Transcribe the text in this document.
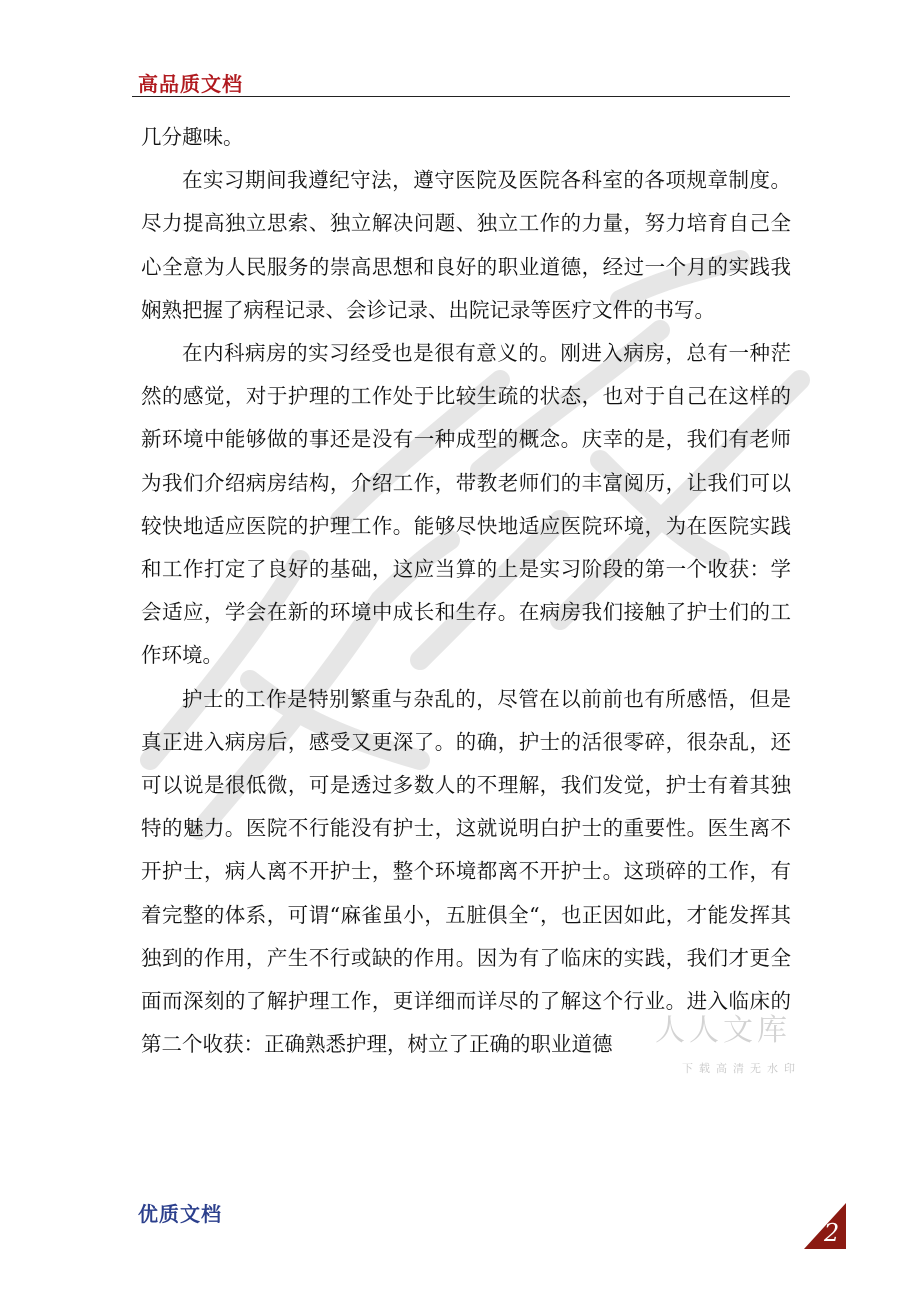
高品质文档

几分趣味。

在实习期间我遵纪守法，遵守医院及医院各科室的各项规章制度。尽力提高独立思索、独立解决问题、独立工作的力量，努力培育自己全心全意为人民服务的崇高思想和良好的职业道德，经过一个月的实践我娴熟把握了病程记录、会诊记录、出院记录等医疗文件的书写。

在内科病房的实习经受也是很有意义的。刚进入病房，总有一种茫然的感觉，对于护理的工作处于比较生疏的状态，也对于自己在这样的新环境中能够做的事还是没有一种成型的概念。庆幸的是，我们有老师为我们介绍病房结构，介绍工作，带教老师们的丰富阅历，让我们可以较快地适应医院的护理工作。能够尽快地适应医院环境，为在医院实践和工作打定了良好的基础，这应当算的上是实习阶段的第一个收获：学会适应，学会在新的环境中成长和生存。在病房我们接触了护士们的工作环境。

护士的工作是特别繁重与杂乱的，尽管在以前前也有所感悟，但是真正进入病房后，感受又更深了。的确，护士的活很零碎，很杂乱，还可以说是很低微，可是透过多数人的不理解，我们发觉，护士有着其独特的魅力。医院不行能没有护士，这就说明白护士的重要性。医生离不开护士，病人离不开护士，整个环境都离不开护士。这琐碎的工作，有着完整的体系，可谓“麻雀虽小，五脏俱全“，也正因如此，才能发挥其独到的作用，产生不行或缺的作用。因为有了临床的实践，我们才更全面而深刻的了解护理工作，更详细而详尽的了解这个行业。进入临床的第二个收获：正确熟悉护理，树立了正确的职业道德	人人文库
下载高清无水印
优质文档
2
